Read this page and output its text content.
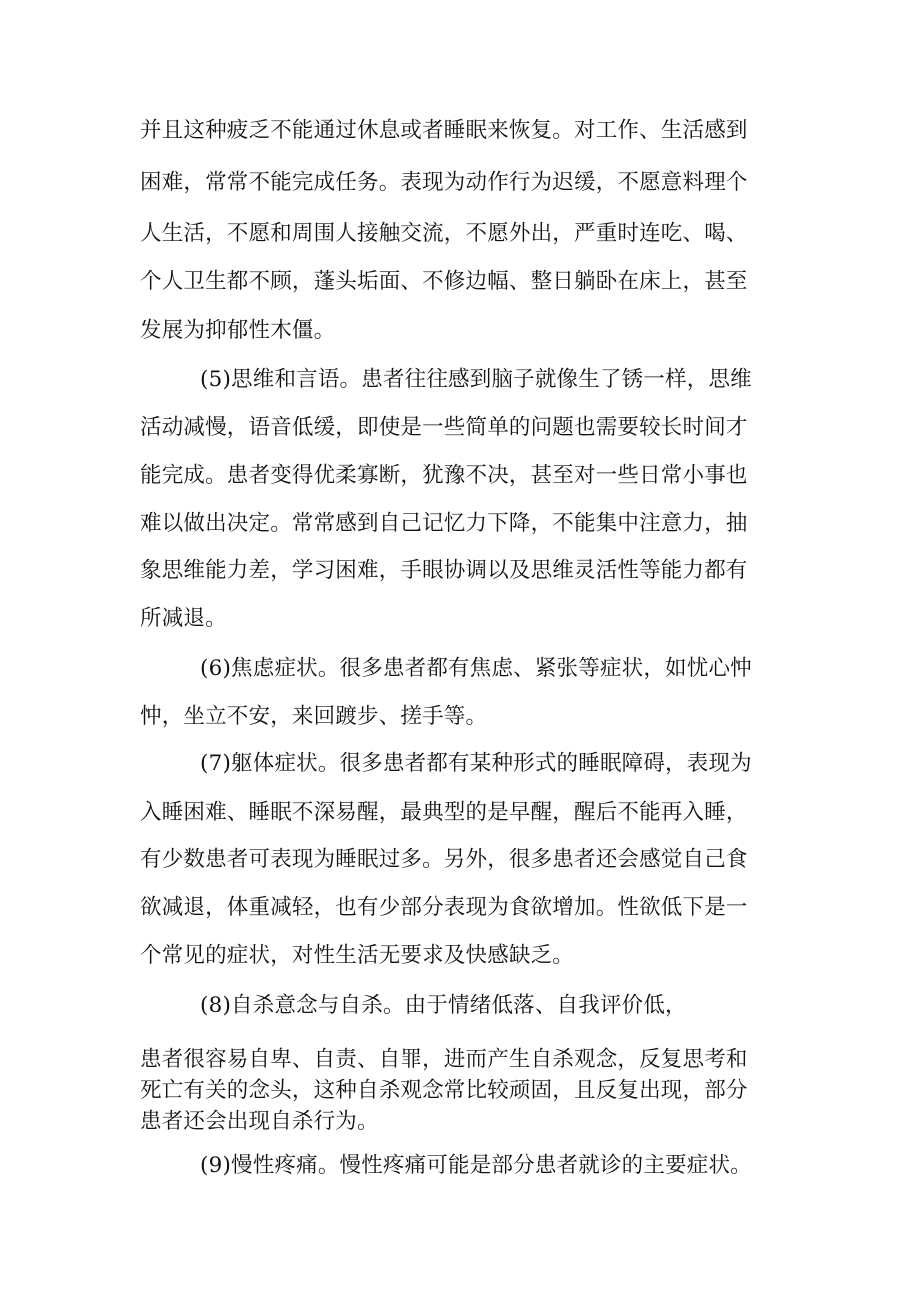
并且这种疲乏不能通过休息或者睡眠来恢复。对工作、生活感到
困难，常常不能完成任务。表现为动作行为迟缓，不愿意料理个
人生活，不愿和周围人接触交流，不愿外出，严重时连吃、喝、
个人卫生都不顾，蓬头垢面、不修边幅、整日躺卧在床上，甚至
发展为抑郁性木僵。
(5)思维和言语。患者往往感到脑子就像生了锈一样，思维
活动减慢，语音低缓，即使是一些简单的问题也需要较长时间才
能完成。患者变得优柔寡断，犹豫不决，甚至对一些日常小事也
难以做出决定。常常感到自己记忆力下降，不能集中注意力，抽
象思维能力差，学习困难，手眼协调以及思维灵活性等能力都有
所减退。
(6)焦虑症状。很多患者都有焦虑、紧张等症状，如忧心忡
忡，坐立不安，来回踱步、搓手等。
(7)躯体症状。很多患者都有某种形式的睡眠障碍，表现为
入睡困难、睡眠不深易醒，最典型的是早醒，醒后不能再入睡，
有少数患者可表现为睡眠过多。另外，很多患者还会感觉自己食
欲减退，体重减轻，也有少部分表现为食欲增加。性欲低下是一
个常见的症状，对性生活无要求及快感缺乏。
(8)自杀意念与自杀。由于情绪低落、自我评价低，
患者很容易自卑、自责、自罪，进而产生自杀观念，反复思考和
死亡有关的念头，这种自杀观念常比较顽固，且反复出现，部分
患者还会出现自杀行为。
(9)慢性疼痛。慢性疼痛可能是部分患者就诊的主要症状。
